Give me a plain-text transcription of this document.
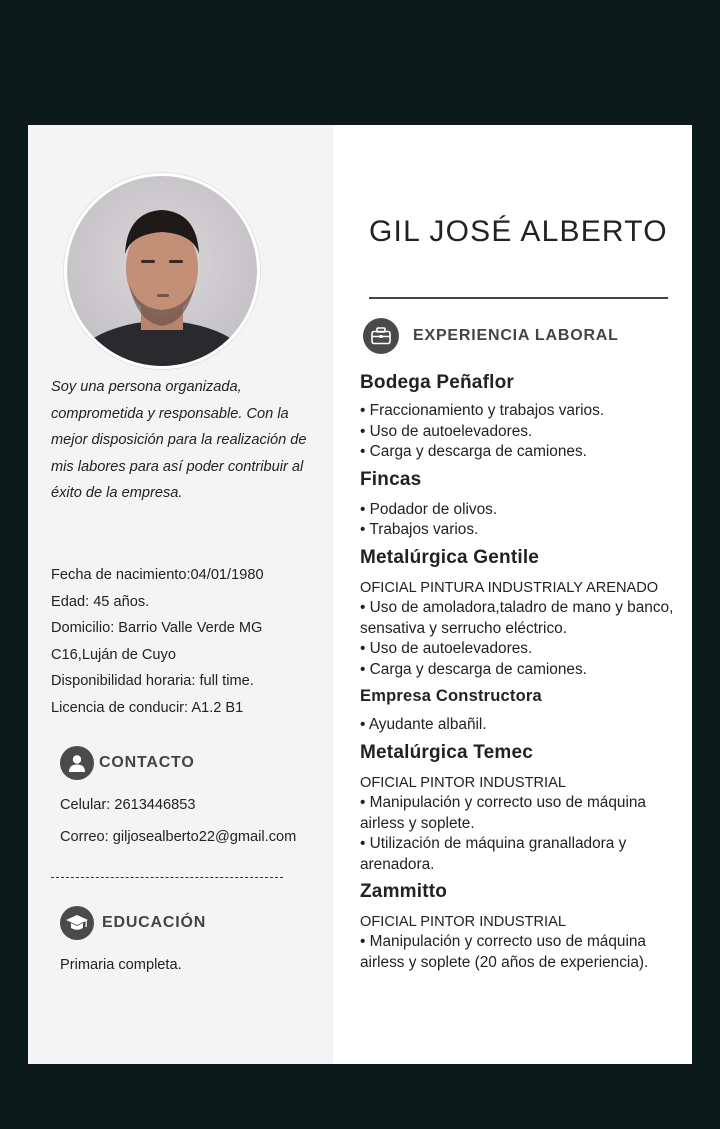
Soy una persona organizada, comprometida y responsable. Con la mejor disposición para la realización de mis labores para así poder contribuir al éxito de la empresa.
Fecha de nacimiento:04/01/1980
Edad: 45 años.
Domicilio: Barrio Valle Verde MG
C16,Luján de Cuyo
Disponibilidad horaria: full time.
Licencia de conducir: A1.2 B1
CONTACTO
Celular: 2613446853
Correo: giljosealberto22@gmail.com
EDUCACIÓN
Primaria completa.
GIL JOSÉ ALBERTO
EXPERIENCIA LABORAL
Bodega Peñaflor
• Fraccionamiento y trabajos varios.
• Uso de autoelevadores.
• Carga y descarga de camiones.
Fincas
• Podador de olivos.
• Trabajos varios.
Metalúrgica Gentile
OFICIAL PINTURA INDUSTRIALY ARENADO
• Uso de amoladora,taladro de mano y banco, sensativa y serrucho eléctrico.
• Uso de autoelevadores.
• Carga y descarga de camiones.
Empresa Constructora
• Ayudante albañil.
Metalúrgica Temec
OFICIAL PINTOR INDUSTRIAL
• Manipulación y correcto uso de máquina airless y soplete.
• Utilización de máquina granalladora y arenadora.
Zammitto
OFICIAL PINTOR INDUSTRIAL
• Manipulación y correcto uso de máquina airless y soplete (20 años de experiencia).
